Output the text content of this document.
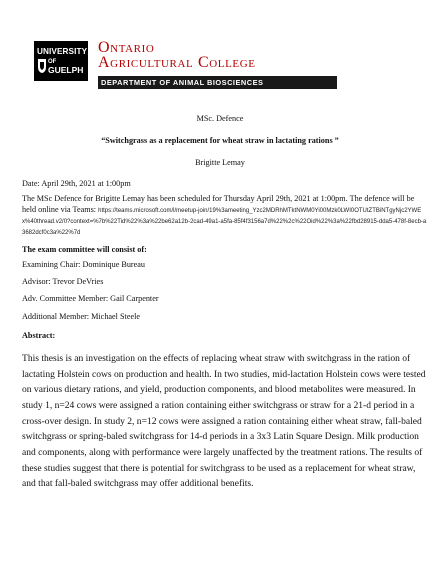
UNIVERSITY
OF
GUELPH
Ontario
Agricultural College
DEPARTMENT OF ANIMAL BIOSCIENCES
MSc. Defence
“Switchgrass as a replacement for wheat straw in lactating rations ”
Brigitte Lemay
Date: April 29th, 2021 at 1:00pm
The MSc Defence for Brigitte Lemay has been scheduled for Thursday April 29th, 2021 at 1:00pm. The defence will be held online via Teams: https://teams.microsoft.com/l/meetup-join/19%3ameeting_Yzc2MDRhMTktNWM0Yi00Mzk0LWI0OTUtZTBiNTgyNjc2YWEx%40thread.v2/0?context=%7b%22Tid%22%3a%22be62a12b-2cad-49a1-a5fa-85f4f3156a7d%22%2c%22Oid%22%3a%22fbd28915-dda5-478f-8ecb-a3682dcf0c3a%22%7d
The exam committee will consist of:
Examining Chair: Dominique Bureau
Advisor: Trevor DeVries
Adv. Committee Member: Gail Carpenter
Additional Member: Michael Steele
Abstract:

This thesis is an investigation on the effects of replacing wheat straw with switchgrass in the ration of lactating Holstein cows on production and health. In two studies, mid-lactation Holstein cows were tested on various dietary rations, and yield, production components, and blood metabolites were measured. In study 1, n=24 cows were assigned a ration containing either switchgrass or straw for a 21-d period in a cross-over design. In study 2, n=12 cows were assigned a ration containing either wheat straw, fall-baled switchgrass or spring-baled switchgrass for 14-d periods in a 3x3 Latin Square Design. Milk production and components, along with performance were largely unaffected by the treatment rations. The results of these studies suggest that there is potential for switchgrass to be used as a replacement for wheat straw, and that fall-baled switchgrass may offer additional benefits.
